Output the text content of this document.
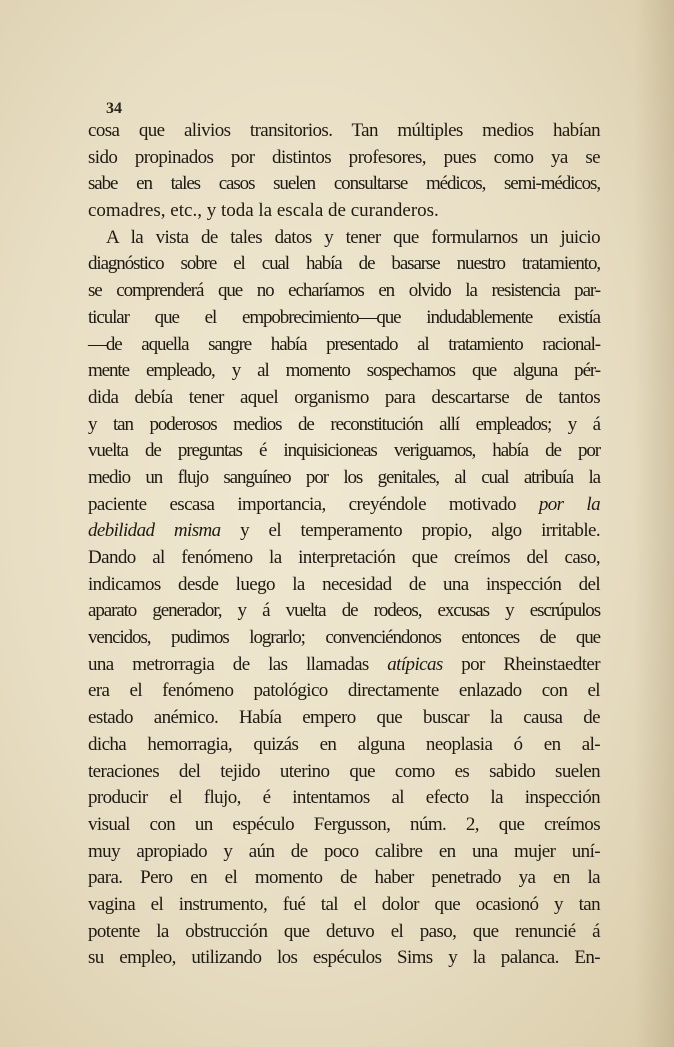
34
cosa que alivios transitorios. Tan múltiples medios habían
sido propinados por distintos profesores, pues como ya se
sabe en tales casos suelen consultarse médicos, semi-médicos,
comadres, etc., y toda la escala de curanderos.
A la vista de tales datos y tener que formularnos un juicio
diagnóstico sobre el cual había de basarse nuestro tratamiento,
se comprenderá que no echaríamos en olvido la resistencia par-
ticular que el empobrecimiento—que indudablemente existía
—de aquella sangre había presentado al tratamiento racional-
mente empleado, y al momento sospechamos que alguna pér-
dida debía tener aquel organismo para descartarse de tantos
y tan poderosos medios de reconstitución allí empleados; y á
vuelta de preguntas é inquisicioneas veriguamos, había de por
medio un flujo sanguíneo por los genitales, al cual atribuía la
paciente escasa importancia, creyéndole motivado por la
debilidad misma y el temperamento propio, algo irritable.
Dando al fenómeno la interpretación que creímos del caso,
indicamos desde luego la necesidad de una inspección del
aparato generador, y á vuelta de rodeos, excusas y escrúpulos
vencidos, pudimos lograrlo; convenciéndonos entonces de que
una metrorragia de las llamadas atípicas por Rheinstaedter
era el fenómeno patológico directamente enlazado con el
estado anémico. Había empero que buscar la causa de
dicha hemorragia, quizás en alguna neoplasia ó en al-
teraciones del tejido uterino que como es sabido suelen
producir el flujo, é intentamos al efecto la inspección
visual con un espéculo Fergusson, núm. 2, que creímos
muy apropiado y aún de poco calibre en una mujer uní-
para. Pero en el momento de haber penetrado ya en la
vagina el instrumento, fué tal el dolor que ocasionó y tan
potente la obstrucción que detuvo el paso, que renuncié á
su empleo, utilizando los espéculos Sims y la palanca. En-
